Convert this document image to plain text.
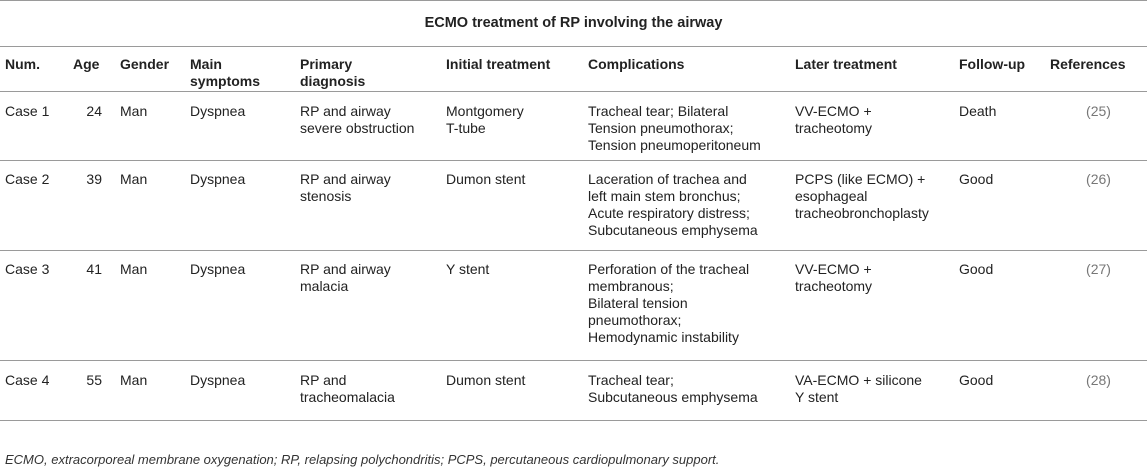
ECMO treatment of RP involving the airway
Num.	Age	Gender	Main symptoms	Primary diagnosis	Initial treatment	Complications	Later treatment	Follow-up	References
Case 1	24	Man	Dyspnea	RP and airway
severe obstruction	Montgomery
T-tube	Tracheal tear; Bilateral
Tension pneumothorax;
Tension pneumoperitoneum	VV-ECMO +
tracheotomy	Death	(25)
Case 2	39	Man	Dyspnea	RP and airway
stenosis	Dumon stent	Laceration of trachea and
left main stem bronchus;
Acute respiratory distress;
Subcutaneous emphysema	PCPS (like ECMO) +
esophageal
tracheobronchoplasty	Good	(26)
Case 3	41	Man	Dyspnea	RP and airway
malacia	Y stent	Perforation of the tracheal
membranous;
Bilateral tension
pneumothorax;
Hemodynamic instability	VV-ECMO +
tracheotomy	Good	(27)
Case 4	55	Man	Dyspnea	RP and
tracheomalacia	Dumon stent	Tracheal tear;
Subcutaneous emphysema	VA-ECMO + silicone
Y stent	Good	(28)
ECMO, extracorporeal membrane oxygenation; RP, relapsing polychondritis; PCPS, percutaneous cardiopulmonary support.
